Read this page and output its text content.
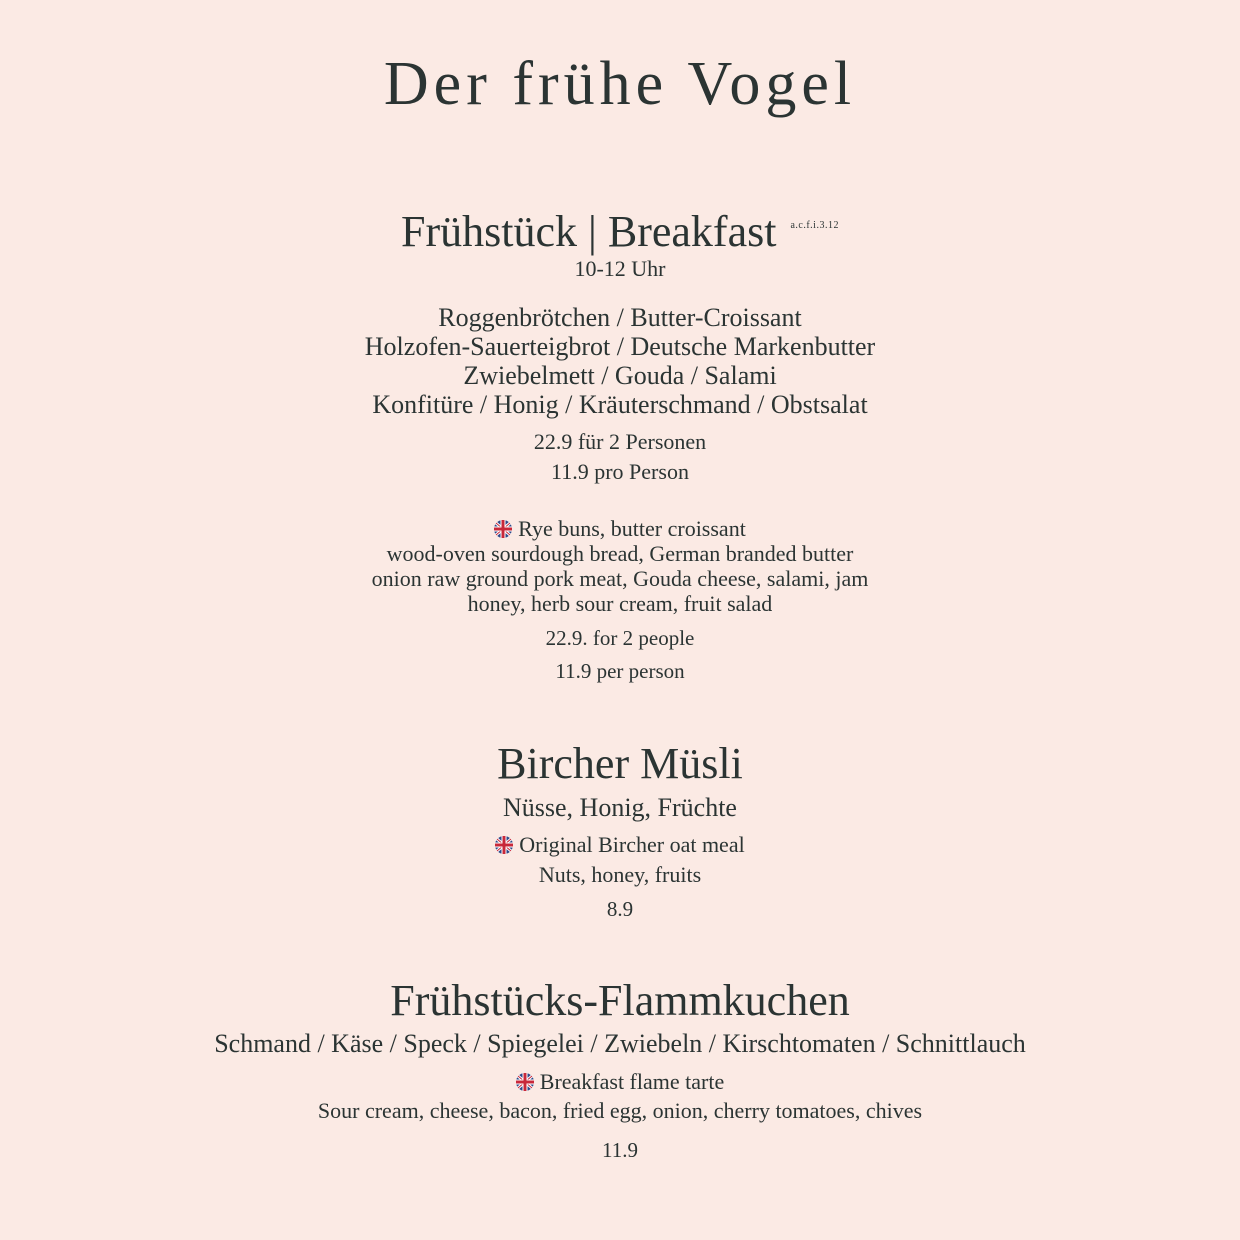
Der frühe Vogel
Frühstück | Breakfast $^{a.c.f.i.3.12}$
10-12 Uhr
Roggenbrötchen / Butter-Croissant
Holzofen-Sauerteigbrot / Deutsche Markenbutter
Zwiebelmett / Gouda / Salami
Konfitüre / Honig / Kräuterschmand / Obstsalat
22.9 für 2 Personen
11.9 pro Person
Rye buns, butter croissant
wood-oven sourdough bread, German branded butter
onion raw ground pork meat, Gouda cheese, salami, jam
honey, herb sour cream, fruit salad
22.9. for 2 people
11.9 per person
Bircher Müsli
Nüsse, Honig, Früchte
Original Bircher oat meal
Nuts, honey, fruits
8.9
Frühstücks-Flammkuchen
Schmand / Käse / Speck / Spiegelei / Zwiebeln / Kirschtomaten / Schnittlauch
Breakfast flame tarte
Sour cream, cheese, bacon, fried egg, onion, cherry tomatoes, chives
11.9
